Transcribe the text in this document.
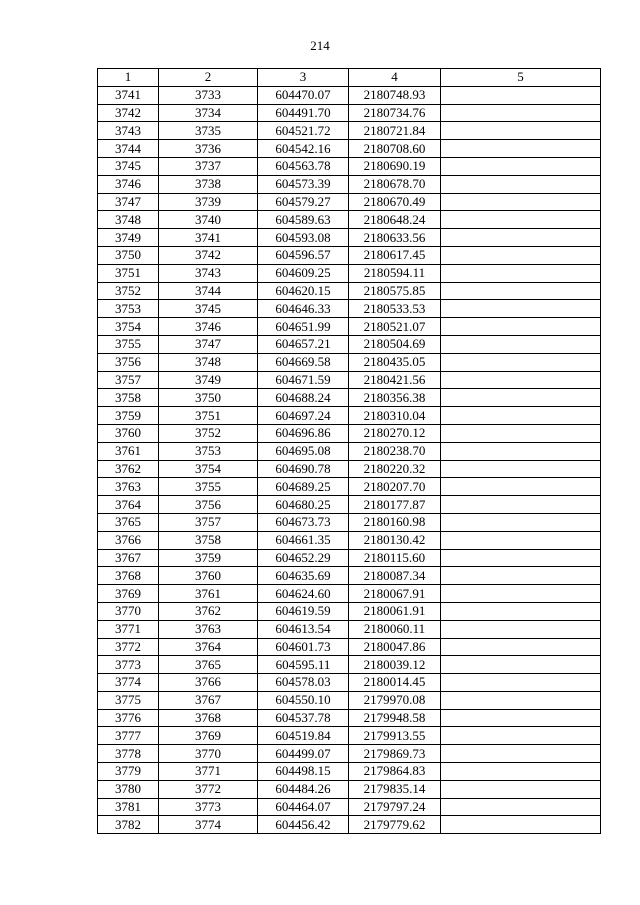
214
1	2	3	4	5
3741	3733	604470.07	2180748.93	
3742	3734	604491.70	2180734.76	
3743	3735	604521.72	2180721.84	
3744	3736	604542.16	2180708.60	
3745	3737	604563.78	2180690.19	
3746	3738	604573.39	2180678.70	
3747	3739	604579.27	2180670.49	
3748	3740	604589.63	2180648.24	
3749	3741	604593.08	2180633.56	
3750	3742	604596.57	2180617.45	
3751	3743	604609.25	2180594.11	
3752	3744	604620.15	2180575.85	
3753	3745	604646.33	2180533.53	
3754	3746	604651.99	2180521.07	
3755	3747	604657.21	2180504.69	
3756	3748	604669.58	2180435.05	
3757	3749	604671.59	2180421.56	
3758	3750	604688.24	2180356.38	
3759	3751	604697.24	2180310.04	
3760	3752	604696.86	2180270.12	
3761	3753	604695.08	2180238.70	
3762	3754	604690.78	2180220.32	
3763	3755	604689.25	2180207.70	
3764	3756	604680.25	2180177.87	
3765	3757	604673.73	2180160.98	
3766	3758	604661.35	2180130.42	
3767	3759	604652.29	2180115.60	
3768	3760	604635.69	2180087.34	
3769	3761	604624.60	2180067.91	
3770	3762	604619.59	2180061.91	
3771	3763	604613.54	2180060.11	
3772	3764	604601.73	2180047.86	
3773	3765	604595.11	2180039.12	
3774	3766	604578.03	2180014.45	
3775	3767	604550.10	2179970.08	
3776	3768	604537.78	2179948.58	
3777	3769	604519.84	2179913.55	
3778	3770	604499.07	2179869.73	
3779	3771	604498.15	2179864.83	
3780	3772	604484.26	2179835.14	
3781	3773	604464.07	2179797.24	
3782	3774	604456.42	2179779.62	
